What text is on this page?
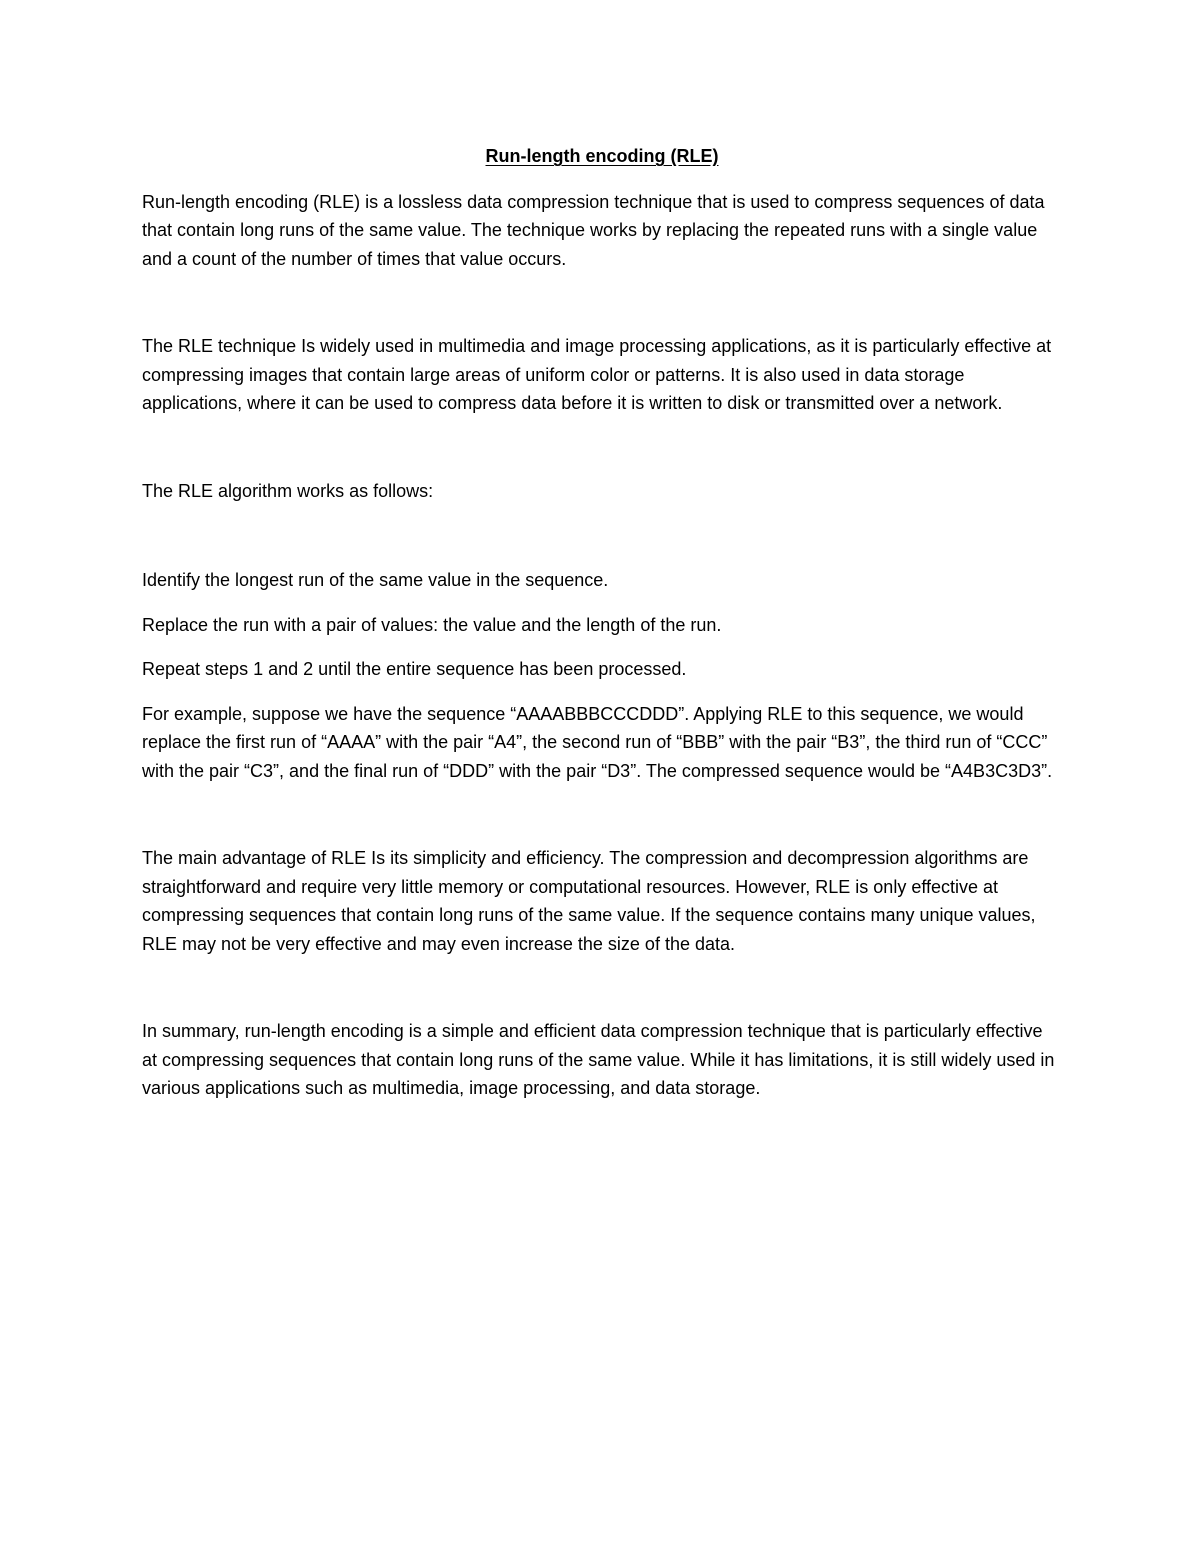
Run-length encoding (RLE)

Run-length encoding (RLE) is a lossless data compression technique that is used to compress sequences of data that contain long runs of the same value. The technique works by replacing the repeated runs with a single value and a count of the number of times that value occurs.

The RLE technique Is widely used in multimedia and image processing applications, as it is particularly effective at compressing images that contain large areas of uniform color or patterns. It is also used in data storage applications, where it can be used to compress data before it is written to disk or transmitted over a network.

The RLE algorithm works as follows:

Identify the longest run of the same value in the sequence.

Replace the run with a pair of values: the value and the length of the run.

Repeat steps 1 and 2 until the entire sequence has been processed.

For example, suppose we have the sequence “AAAABBBCCCDDD”. Applying RLE to this sequence, we would replace the first run of “AAAA” with the pair “A4”, the second run of “BBB” with the pair “B3”, the third run of “CCC” with the pair “C3”, and the final run of “DDD” with the pair “D3”. The compressed sequence would be “A4B3C3D3”.

The main advantage of RLE Is its simplicity and efficiency. The compression and decompression algorithms are straightforward and require very little memory or computational resources. However, RLE is only effective at compressing sequences that contain long runs of the same value. If the sequence contains many unique values, RLE may not be very effective and may even increase the size of the data.

In summary, run-length encoding is a simple and efficient data compression technique that is particularly effective at compressing sequences that contain long runs of the same value. While it has limitations, it is still widely used in various applications such as multimedia, image processing, and data storage.
